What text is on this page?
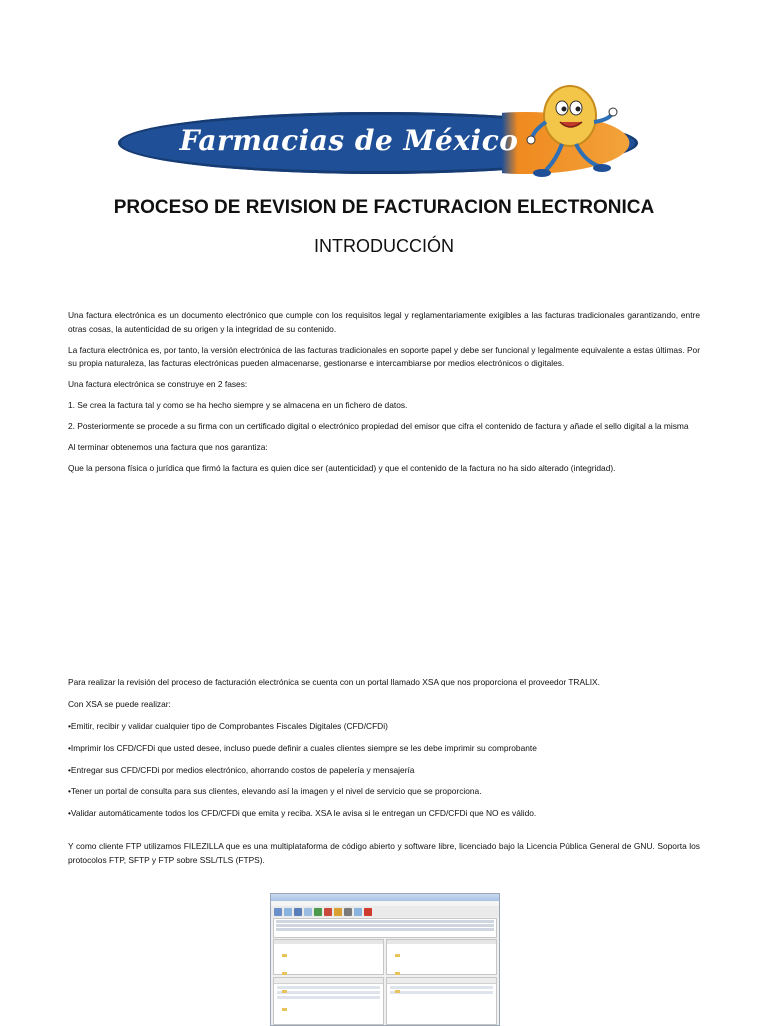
Farmacias de México
PROCESO DE REVISION DE FACTURACION ELECTRONICA
INTRODUCCIÓN

Una factura electrónica es un documento electrónico que cumple con los requisitos legal y reglamentariamente exigibles a las facturas tradicionales garantizando, entre otras cosas, la autenticidad de su origen y la integridad de su contenido.

La factura electrónica es, por tanto, la versión electrónica de las facturas tradicionales en soporte papel y debe ser funcional y legalmente equivalente a estas últimas. Por su propia naturaleza, las facturas electrónicas pueden almacenarse, gestionarse e intercambiarse por medios electrónicos o digitales.

Una factura electrónica se construye en 2 fases:

1. Se crea la factura tal y como se ha hecho siempre y se almacena en un fichero de datos.

2. Posteriormente se procede a su firma con un certificado digital o electrónico propiedad del emisor que cifra el contenido de factura y añade el sello digital a la misma

Al terminar obtenemos una factura que nos garantiza:

Que la persona física o jurídica que firmó la factura es quien dice ser (autenticidad) y que el contenido de la factura no ha sido alterado (integridad).

Para realizar la revisión del proceso de facturación electrónica se cuenta con un portal llamado XSA que nos proporciona el proveedor TRALIX.

Con XSA se puede realizar:

•Emitir, recibir y validar cualquier tipo de Comprobantes Fiscales Digitales (CFD/CFDi)

•Imprimir los CFD/CFDi que usted desee, incluso puede definir a cuales clientes siempre se les debe imprimir su comprobante

•Entregar sus CFD/CFDi por medios electrónico, ahorrando costos de papelería y mensajería

•Tener un portal de consulta para sus clientes, elevando así la imagen y el nivel de servicio que se proporciona.

•Validar automáticamente todos los CFD/CFDi que emita y reciba. XSA le avisa si le entregan un CFD/CFDi que NO es válido.

Y como cliente FTP utilizamos FILEZILLA que es una multiplataforma de código abierto y software libre, licenciado bajo la Licencia Pública General de GNU. Soporta los protocolos FTP, SFTP y FTP sobre SSL/TLS (FTPS).
